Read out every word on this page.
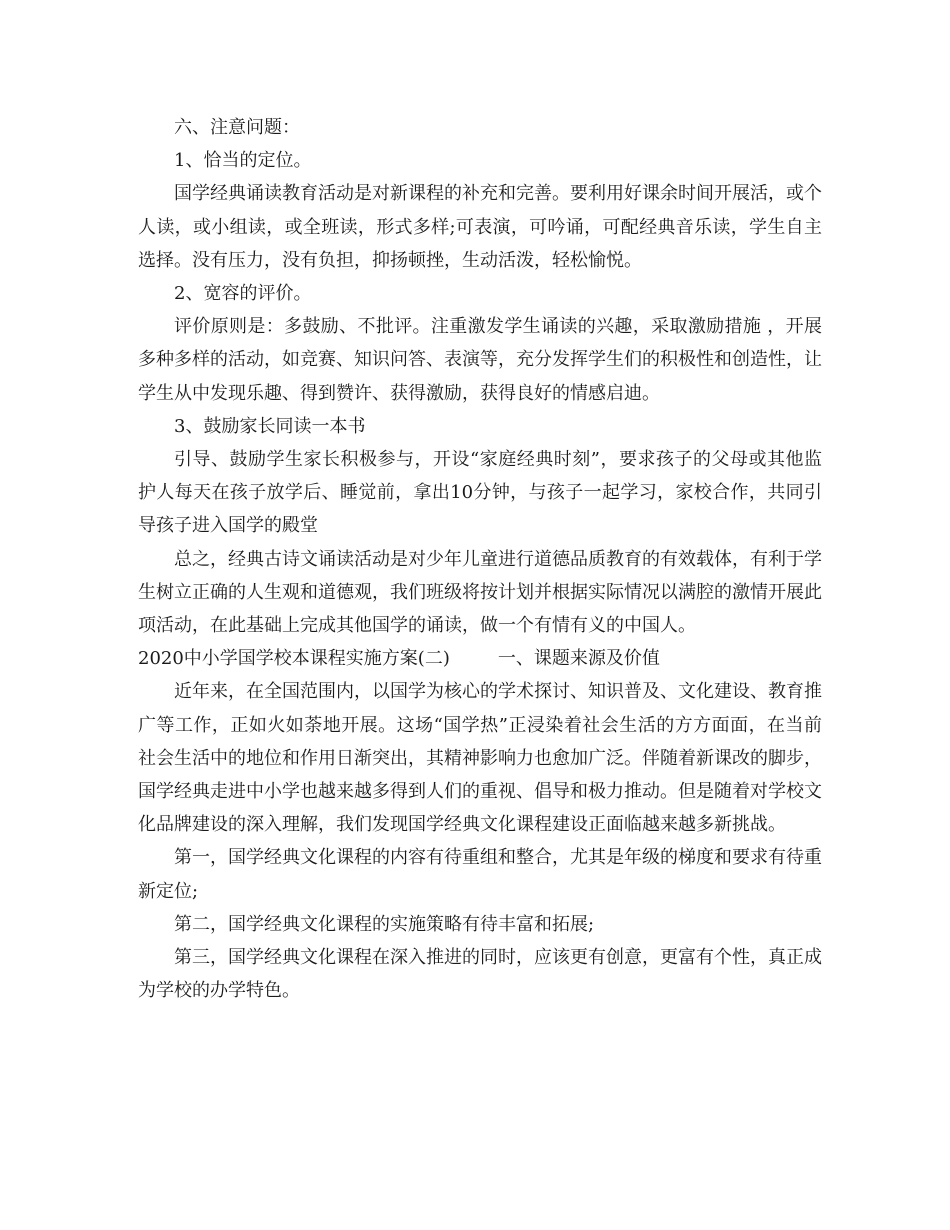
六、注意问题：

1、恰当的定位。

国学经典诵读教育活动是对新课程的补充和完善。要利用好课余时间开展活，或个人读，或小组读，或全班读，形式多样;可表演，可吟诵，可配经典音乐读，学生自主选择。没有压力，没有负担，抑扬顿挫，生动活泼，轻松愉悦。

2、宽容的评价。

评价原则是：多鼓励、不批评。注重激发学生诵读的兴趣，采取激励措施 ，开展多种多样的活动，如竞赛、知识问答、表演等，充分发挥学生们的积极性和创造性，让学生从中发现乐趣、得到赞许、获得激励，获得良好的情感启迪。

3、鼓励家长同读一本书

引导、鼓励学生家长积极参与，开设“家庭经典时刻”，要求孩子的父母或其他监护人每天在孩子放学后、睡觉前，拿出10分钟，与孩子一起学习，家校合作，共同引导孩子进入国学的殿堂

总之，经典古诗文诵读活动是对少年儿童进行道德品质教育的有效载体，有利于学生树立正确的人生观和道德观，我们班级将按计划并根据实际情况以满腔的激情开展此项活动，在此基础上完成其他国学的诵读，做一个有情有义的中国人。

2020中小学国学校本课程实施方案(二)	一、课题来源及价值

近年来，在全国范围内，以国学为核心的学术探讨、知识普及、文化建设、教育推广等工作，正如火如荼地开展。这场“国学热”正浸染着社会生活的方方面面，在当前社会生活中的地位和作用日渐突出，其精神影响力也愈加广泛。伴随着新课改的脚步，国学经典走进中小学也越来越多得到人们的重视、倡导和极力推动。但是随着对学校文化品牌建设的深入理解，我们发现国学经典文化课程建设正面临越来越多新挑战。

第一，国学经典文化课程的内容有待重组和整合，尤其是年级的梯度和要求有待重新定位;

第二，国学经典文化课程的实施策略有待丰富和拓展;

第三，国学经典文化课程在深入推进的同时，应该更有创意，更富有个性，真正成为学校的办学特色。
